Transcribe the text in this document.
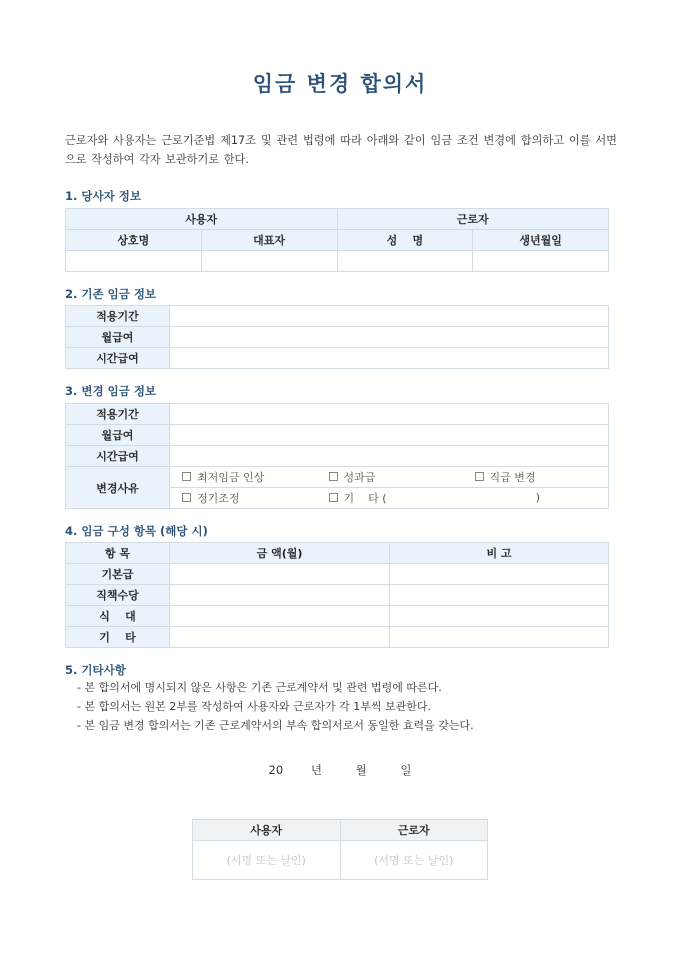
임금 변경 합의서
근로자와 사용자는 근로기준법 제17조 및 관련 법령에 따라 아래와 같이 임금 조건 변경에 합의하고 이를 서면으로 작성하여 각자 보관하기로 한다.
1. 당사자 정보
사용자		근로자	
상호명	대표자	성    명	생년월일

2. 기존 임금 정보
적용기간	
월급여	
시간급여	
3. 변경 임금 정보
적용기간			
월급여			
시간급여			
변경사유	최저임금 인상	성과급	직급 변경
	정기조정	기    타 ( )	
4. 임금 구성 항목 (해당 시)
항 목	금 액(월)	비 고
기본급		
직책수당		
식    대		
기    타		
5. 기타사항
- 본 합의서에 명시되지 않은 사항은 기존 근로계약서 및 관련 법령에 따른다.
- 본 합의서는 원본 2부를 작성하여 사용자와 근로자가 각 1부씩 보관한다.
- 본 임금 변경 합의서는 기존 근로계약서의 부속 합의서로서 동일한 효력을 갖는다.
20 년	월	일
사용자	근로자
(서명 또는 날인)	(서명 또는 날인)
